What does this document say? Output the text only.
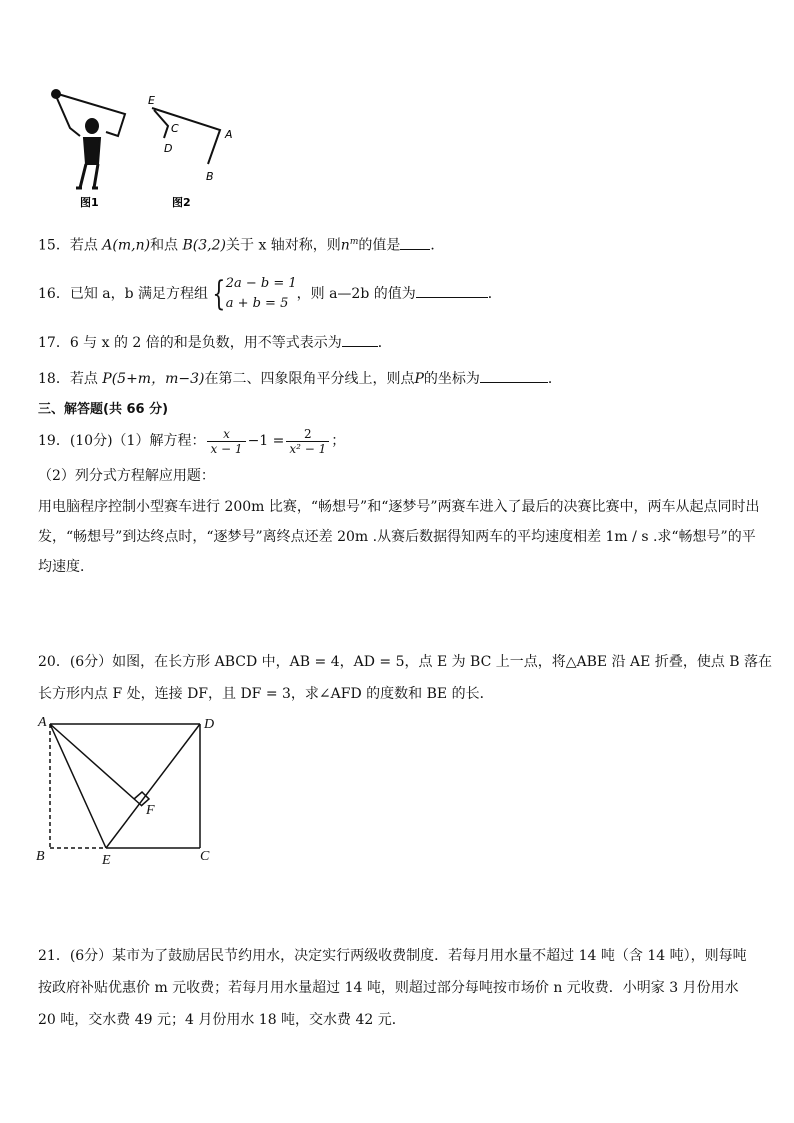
图1
E
C
D
A
B
图2
15．若点 A(m,n)和点 B(3,2)关于 x 轴对称，则$n^m$的值是 ．
16．已知 a，b 满足方程组 { 2a − b = 1
a + b = 5
，则 a—2b 的值为	．
17．6 与 x 的 2 倍的和是负数，用不等式表示为	．
18．若点 P(5+m，m−3)在第二、四象限角平分线上，则点P的坐标为	．
三、解答题(共 66 分)
19．(10分)（1）解方程： $\frac{x}{x - 1} -1 = \frac{2}{\text{x² − 1}}$ ；
（2）列分式方程解应用题：
用电脑程序控制小型赛车进行 200m 比赛，“畅想号”和“逐梦号”两赛车进入了最后的决赛比赛中，两车从起点同时出发，“畅想号”到达终点时，“逐梦号”离终点还差 20m .从赛后数据得知两车的平均速度相差 1m / s .求“畅想号”的平均速度．
20．(6分）如图，在长方形 ABCD 中，AB = 4，AD = 5，点 E 为 BC 上一点，将△ABE 沿 AE 折叠，使点 B 落在
长方形内点 F 处，连接 DF，且 DF = 3，求∠AFD 的度数和 BE 的长．
A	D
B	E	C
F
21．(6分）某市为了鼓励居民节约用水，决定实行两级收费制度．若每月用水量不超过 14 吨（含 14 吨），则每吨按政府补贴优惠价 m 元收费；若每月用水量超过 14 吨，则超过部分每吨按市场价 n 元收费．小明家 3 月份用水 20 吨，交水费 49 元；4 月份用水 18 吨，交水费 42 元．
